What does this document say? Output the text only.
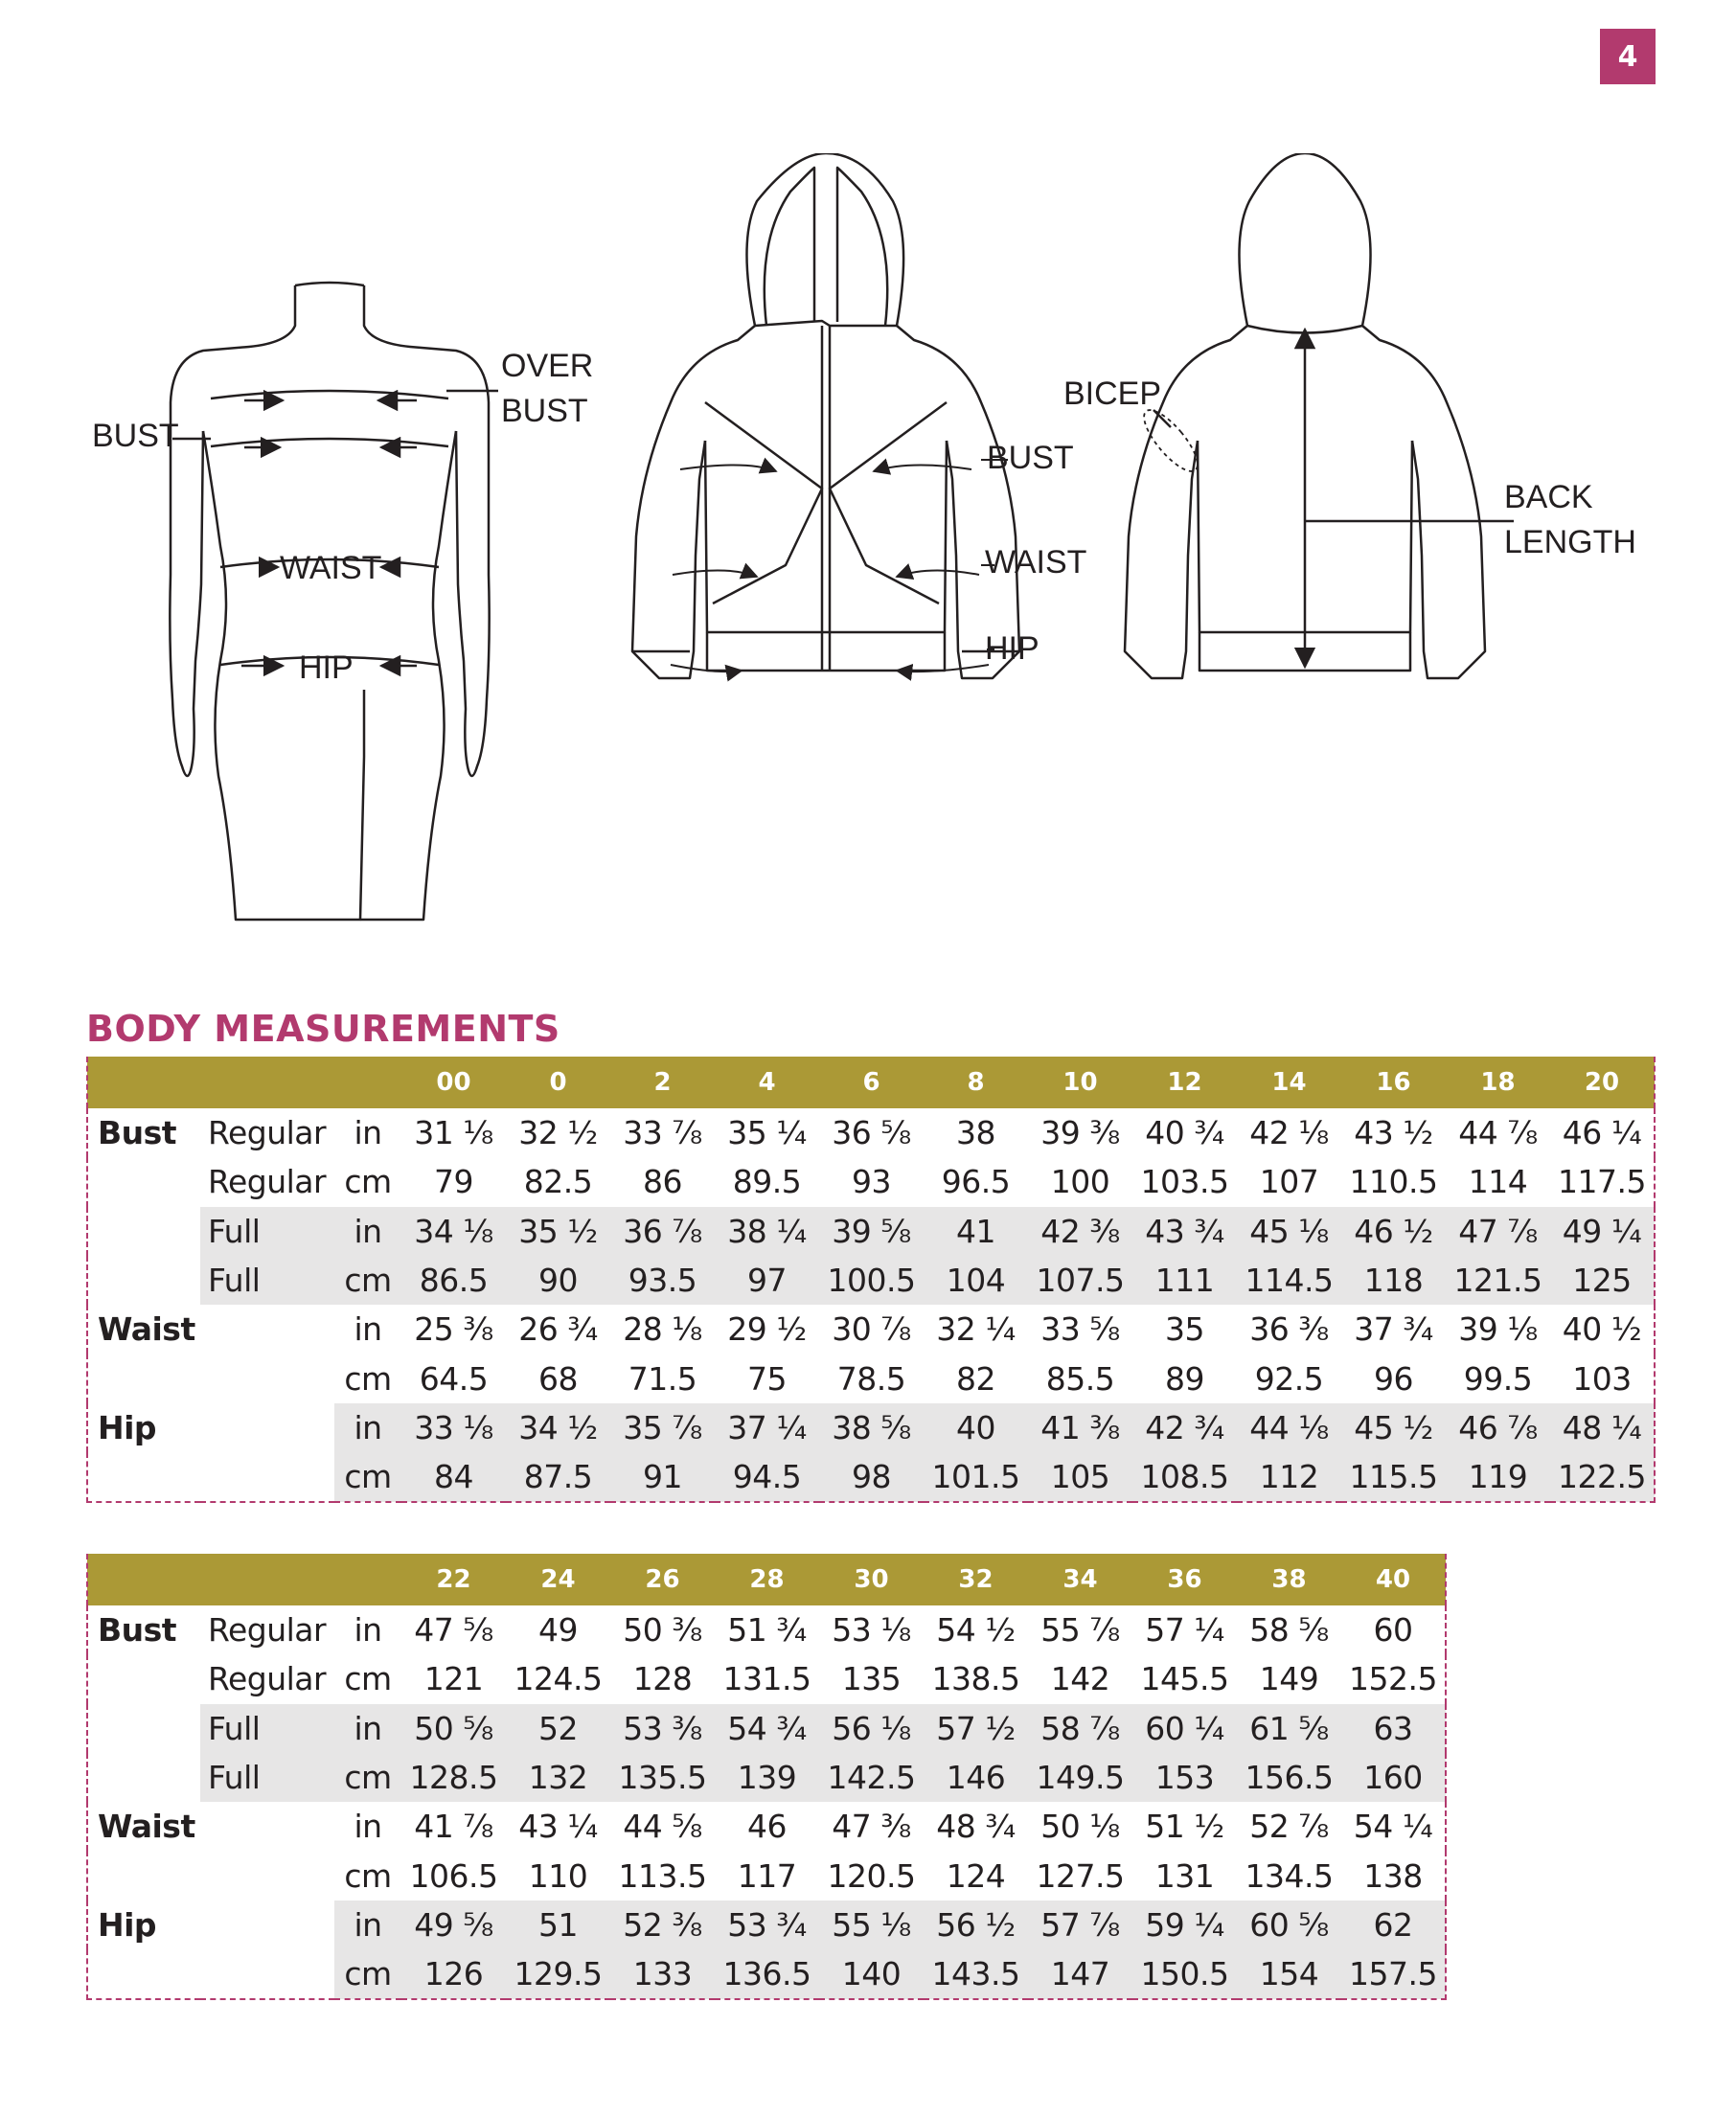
4
OVER
BUST
BUST
WAIST
HIP
BUST
WAIST
HIP
BICEP
BACK
LENGTH
BODY MEASUREMENTS
			00	0	2	4	6	8	10	12	14	16	18	20
Bust	Regular	in	31 ⅛	32 ½	33 ⅞	35 ¼	36 ⅝	38	39 ⅜	40 ¾	42 ⅛	43 ½	44 ⅞	46 ¼
	Regular	cm	79	82.5	86	89.5	93	96.5	100	103.5	107	110.5	114	117.5
	Full	in	34 ⅛	35 ½	36 ⅞	38 ¼	39 ⅝	41	42 ⅜	43 ¾	45 ⅛	46 ½	47 ⅞	49 ¼
	Full	cm	86.5	90	93.5	97	100.5	104	107.5	111	114.5	118	121.5	125
Waist		in	25 ⅜	26 ¾	28 ⅛	29 ½	30 ⅞	32 ¼	33 ⅝	35	36 ⅜	37 ¾	39 ⅛	40 ½
		cm	64.5	68	71.5	75	78.5	82	85.5	89	92.5	96	99.5	103
Hip		in	33 ⅛	34 ½	35 ⅞	37 ¼	38 ⅝	40	41 ⅜	42 ¾	44 ⅛	45 ½	46 ⅞	48 ¼
		cm	84	87.5	91	94.5	98	101.5	105	108.5	112	115.5	119	122.5
			22	24	26	28	30	32	34	36	38	40
Bust	Regular	in	47 ⅝	49	50 ⅜	51 ¾	53 ⅛	54 ½	55 ⅞	57 ¼	58 ⅝	60
	Regular	cm	121	124.5	128	131.5	135	138.5	142	145.5	149	152.5
	Full	in	50 ⅝	52	53 ⅜	54 ¾	56 ⅛	57 ½	58 ⅞	60 ¼	61 ⅝	63
	Full	cm	128.5	132	135.5	139	142.5	146	149.5	153	156.5	160
Waist		in	41 ⅞	43 ¼	44 ⅝	46	47 ⅜	48 ¾	50 ⅛	51 ½	52 ⅞	54 ¼
		cm	106.5	110	113.5	117	120.5	124	127.5	131	134.5	138
Hip		in	49 ⅝	51	52 ⅜	53 ¾	55 ⅛	56 ½	57 ⅞	59 ¼	60 ⅝	62
		cm	126	129.5	133	136.5	140	143.5	147	150.5	154	157.5
